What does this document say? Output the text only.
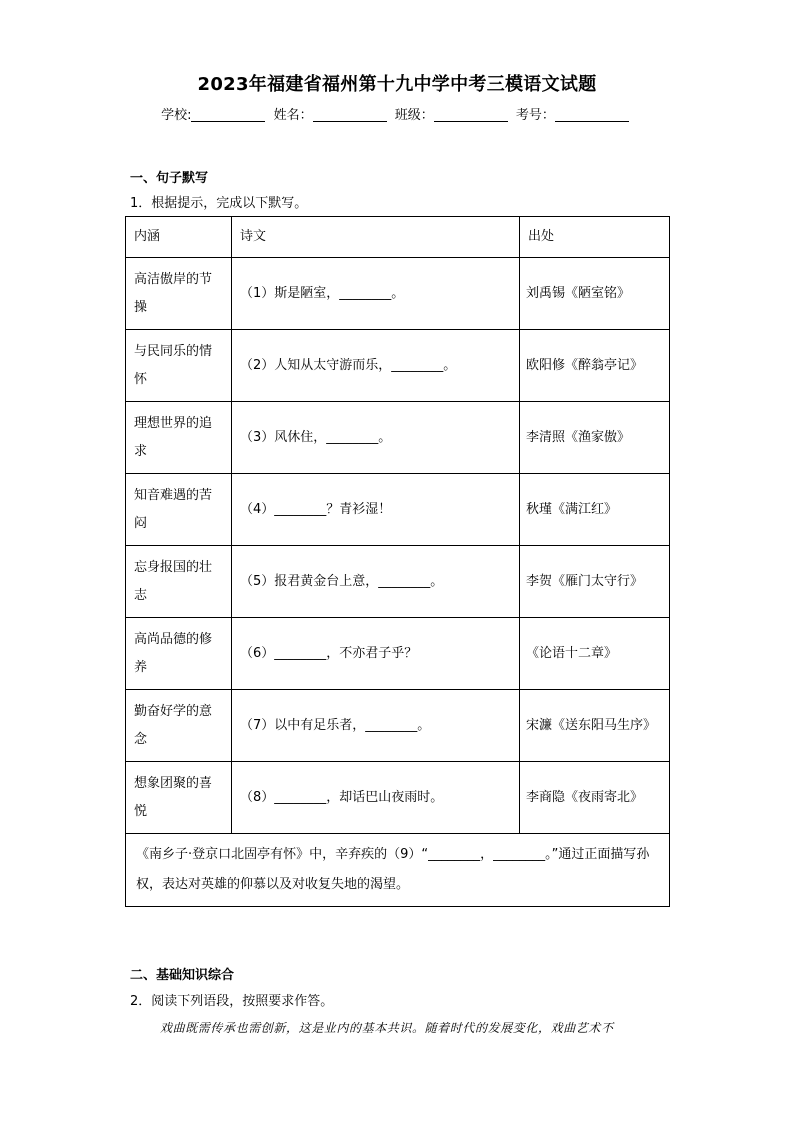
2023年福建省福州第十九中学中考三模语文试题
学校:	姓名：	班级：	考号：
一、句子默写
1．根据提示，完成以下默写。
内涵	诗文	出处
高洁傲岸的节操	（1）斯是陋室，________。	刘禹锡《陋室铭》
与民同乐的情怀	（2）人知从太守游而乐，________。	欧阳修《醉翁亭记》
理想世界的追求	（3）风休住，________。	李清照《渔家傲》
知音难遇的苦闷	（4）________？青衫湿！	秋瑾《满江红》
忘身报国的壮志	（5）报君黄金台上意，________。	李贺《雁门太守行》
高尚品德的修养	（6）________，不亦君子乎？	《论语十二章》
勤奋好学的意念	（7）以中有足乐者，________。	宋濂《送东阳马生序》
想象团聚的喜悦	（8）________，却话巴山夜雨时。	李商隐《夜雨寄北》
《南乡子·登京口北固亭有怀》中，辛弃疾的（9）“________，________。”通过正面描写孙权，表达对英雄的仰慕以及对收复失地的渴望。		
二、基础知识综合
2．阅读下列语段，按照要求作答。
戏曲既需传承也需创新，这是业内的基本共识。随着时代的发展变化，戏曲艺术不
